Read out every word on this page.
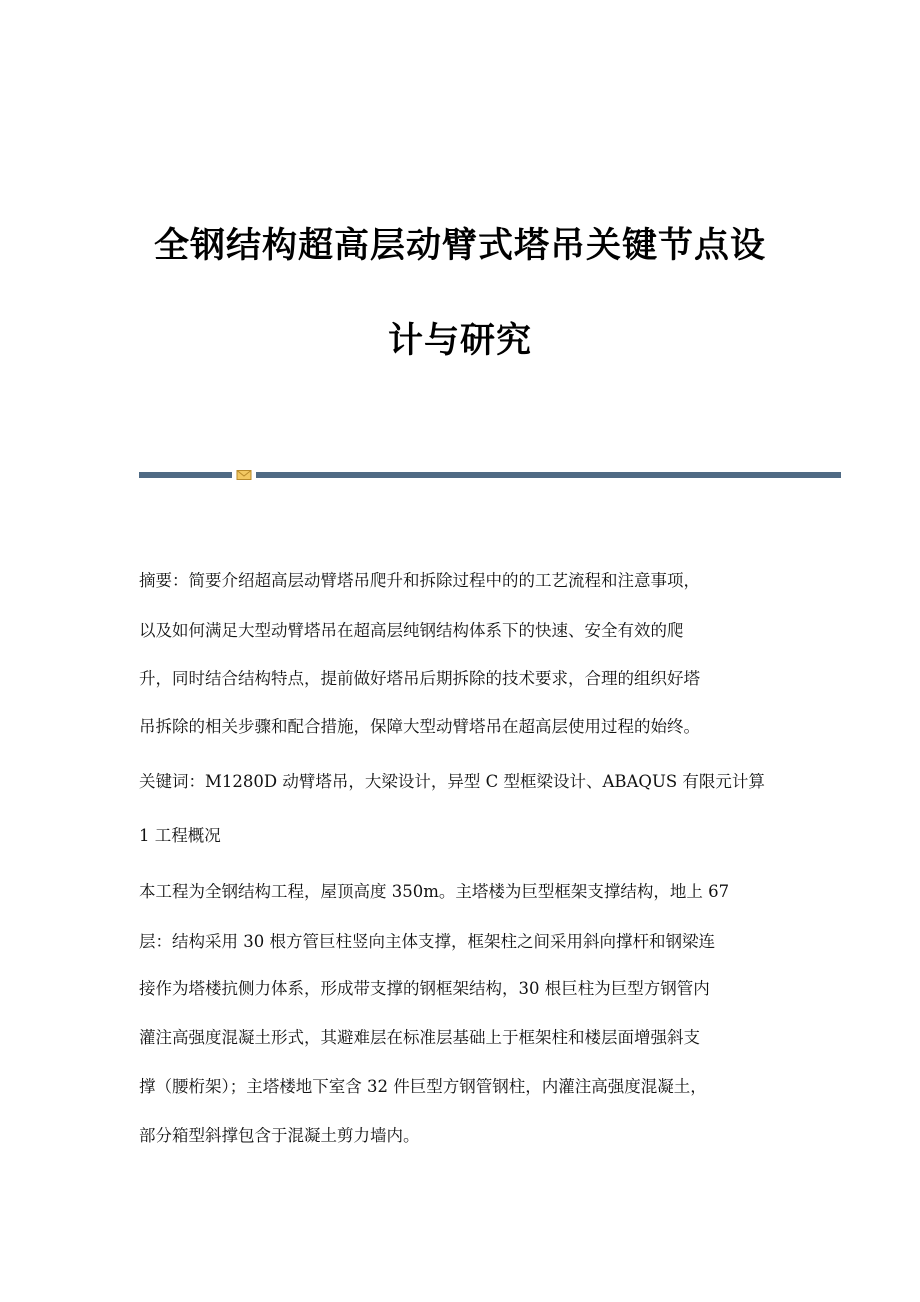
全钢结构超高层动臂式塔吊关键节点设
计与研究

摘要：简要介绍超高层动臂塔吊爬升和拆除过程中的的工艺流程和注意事项，

以及如何满足大型动臂塔吊在超高层纯钢结构体系下的快速、安全有效的爬

升，同时结合结构特点，提前做好塔吊后期拆除的技术要求，合理的组织好塔

吊拆除的相关步骤和配合措施，保障大型动臂塔吊在超高层使用过程的始终。

关键词：M1280D 动臂塔吊，大梁设计，异型 C 型框梁设计、ABAQUS 有限元计算

1 工程概况

本工程为全钢结构工程，屋顶高度 350m。主塔楼为巨型框架支撑结构，地上 67

层：结构采用 30 根方管巨柱竖向主体支撑，框架柱之间采用斜向撑杆和钢梁连

接作为塔楼抗侧力体系，形成带支撑的钢框架结构，30 根巨柱为巨型方钢管内

灌注高强度混凝土形式，其避难层在标准层基础上于框架柱和楼层面增强斜支

撑（腰桁架）；主塔楼地下室含 32 件巨型方钢管钢柱，内灌注高强度混凝土，

部分箱型斜撑包含于混凝土剪力墙内。
